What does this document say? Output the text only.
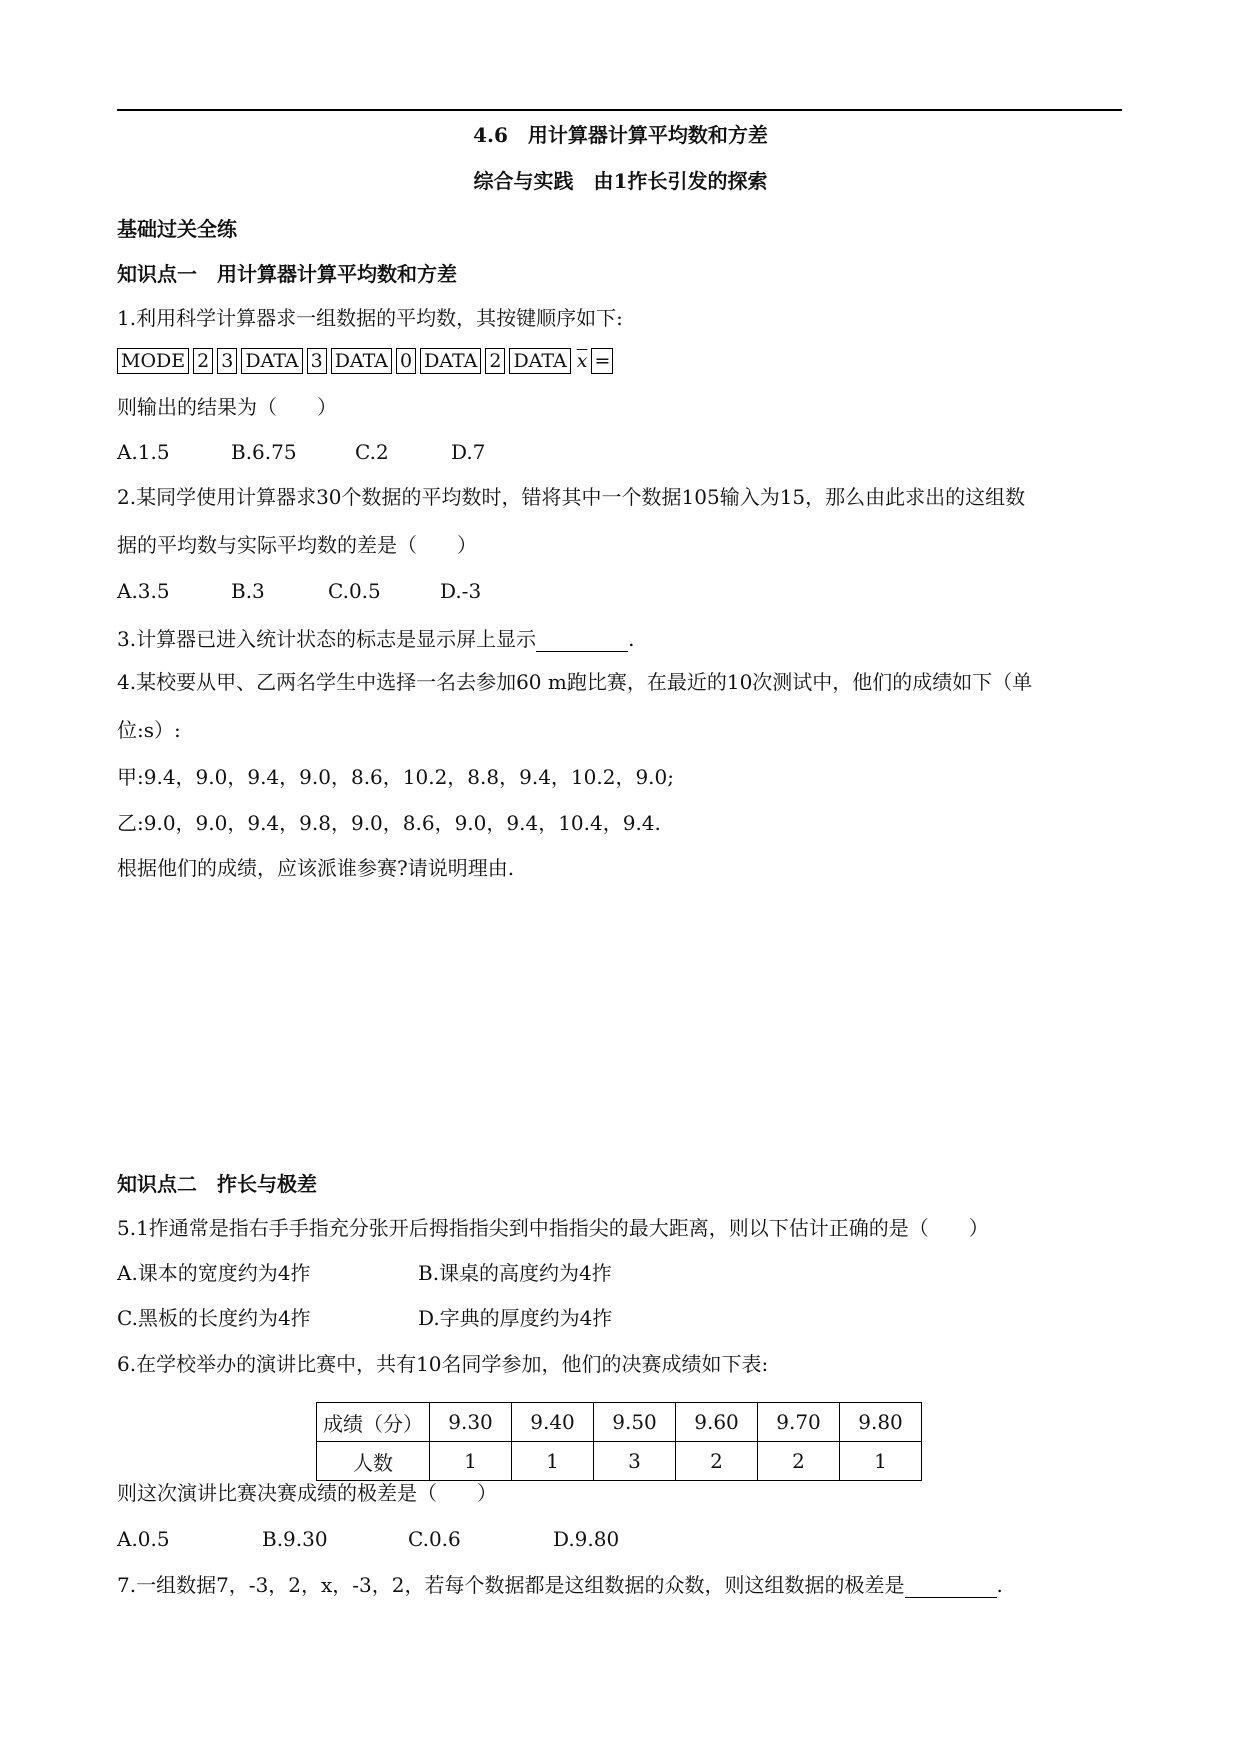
4.6　用计算器计算平均数和方差
综合与实践　由1拃长引发的探索
基础过关全练
知识点一　用计算器计算平均数和方差
1.利用科学计算器求一组数据的平均数，其按键顺序如下:
MODE 2 3 DATA 3 DATA 0 DATA 2 DATA $\overline{x}$ =
则输出的结果为（　　）
A.1.5	B.6.75	C.2	D.7
2.某同学使用计算器求30个数据的平均数时，错将其中一个数据105输入为15，那么由此求出的这组数
据的平均数与实际平均数的差是（　　）
A.3.5	B.3	C.0.5	D.-3
3.计算器已进入统计状态的标志是显示屏上显示	.
4.某校要从甲、乙两名学生中选择一名去参加60 m跑比赛，在最近的10次测试中，他们的成绩如下（单
位:s）:
甲:9.4，9.0，9.4，9.0，8.6，10.2，8.8，9.4，10.2，9.0;
乙:9.0，9.0，9.4，9.8，9.0，8.6，9.0，9.4，10.4，9.4.
根据他们的成绩，应该派谁参赛?请说明理由.
知识点二　拃长与极差
5.1拃通常是指右手手指充分张开后拇指指尖到中指指尖的最大距离，则以下估计正确的是（　　）
A.课本的宽度约为4拃	B.课桌的高度约为4拃
C.黑板的长度约为4拃	D.字典的厚度约为4拃
6.在学校举办的演讲比赛中，共有10名同学参加，他们的决赛成绩如下表:
成绩（分）	9.30	9.40	9.50	9.60	9.70	9.80
人数	1	1	3	2	2	1
则这次演讲比赛决赛成绩的极差是（　　）
A.0.5	B.9.30	C.0.6	D.9.80
7.一组数据7，-3，2，x，-3，2，若每个数据都是这组数据的众数，则这组数据的极差是	.
